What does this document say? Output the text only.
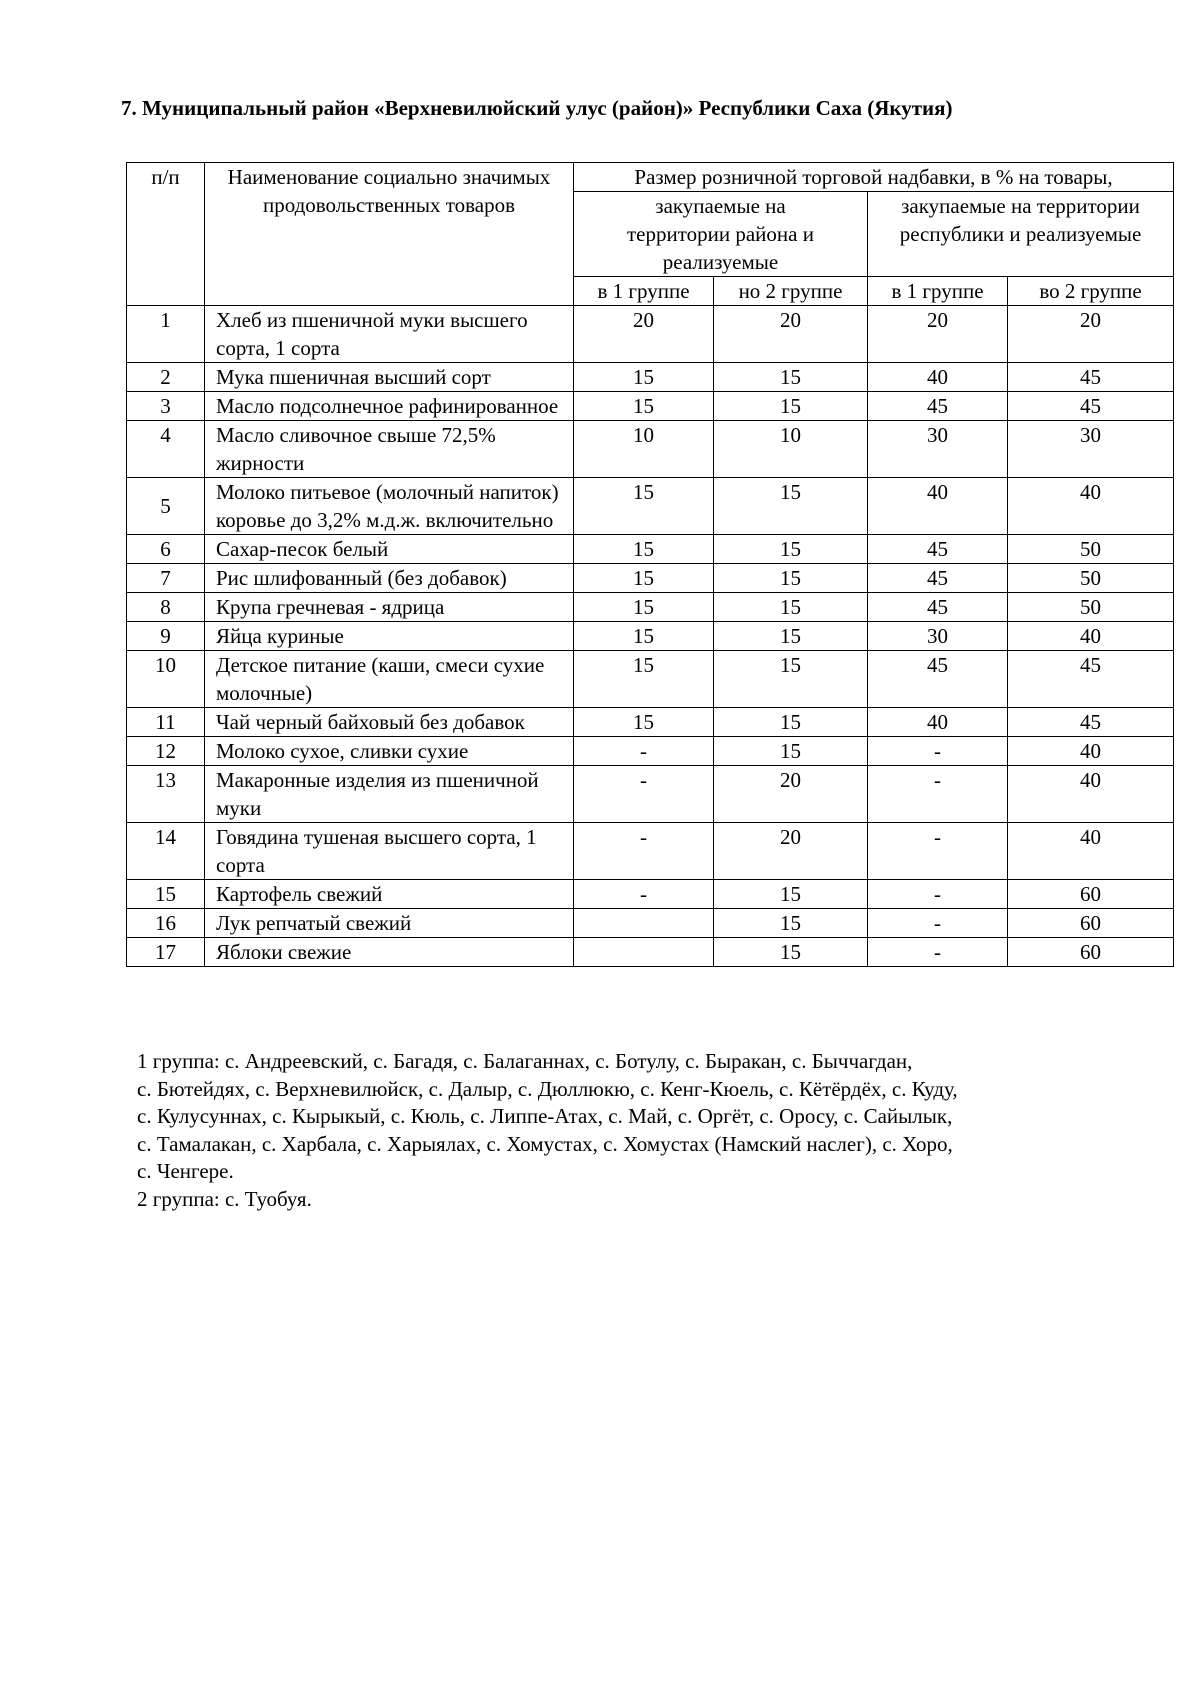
7. Муниципальный район «Верхневилюйский улус (район)» Республики Саха (Якутия)
п/п	Наименование социально значимых продовольственных товаров	Размер розничной торговой надбавки, в % на товары,			
		закупаемые на территории района и реализуемые		закупаемые на территории республики и реализуемые	
		в 1 группе	но 2 группе	в 1 группе	во 2 группе
1	Хлеб из пшеничной муки высшего сорта, 1 сорта	20	20	20	20
2	Мука пшеничная высший сорт	15	15	40	45
3	Масло подсолнечное рафинированное	15	15	45	45
4	Масло сливочное свыше 72,5% жирности	10	10	30	30
5	Молоко питьевое (молочный напиток) коровье до 3,2% м.д.ж. включительно	15	15	40	40
6	Сахар-песок белый	15	15	45	50
7	Рис шлифованный (без добавок)	15	15	45	50
8	Крупа гречневая - ядрица	15	15	45	50
9	Яйца куриные	15	15	30	40
10	Детское питание (каши, смеси сухие молочные)	15	15	45	45
11	Чай черный байховый без добавок	15	15	40	45
12	Молоко сухое, сливки сухие	-	15	-	40
13	Макаронные изделия из пшеничной муки	-	20	-	40
14	Говядина тушеная высшего сорта, 1 сорта	-	20	-	40
15	Картофель свежий	-	15	-	60
16	Лук репчатый свежий		15	-	60
17	Яблоки свежие		15	-	60
1 группа: с. Андреевский, с. Багадя, с. Балаганнах, с. Ботулу, с. Быракан, с. Быччагдан,
с. Бютейдях, с. Верхневилюйск, с. Далыр, с. Дюллюкю, с. Кенг-Кюель, с. Кётёрдёх, с. Куду,
с. Кулусуннах, с. Кырыкый, с. Кюль, с. Липпе-Атах, с. Май, с. Оргёт, с. Оросу, с. Сайылык,
с. Тамалакан, с. Харбала, с. Харыялах, с. Хомустах, с. Хомустах (Намский наслег), с. Хоро,
с. Ченгере.
2 группа: с. Туобуя.
